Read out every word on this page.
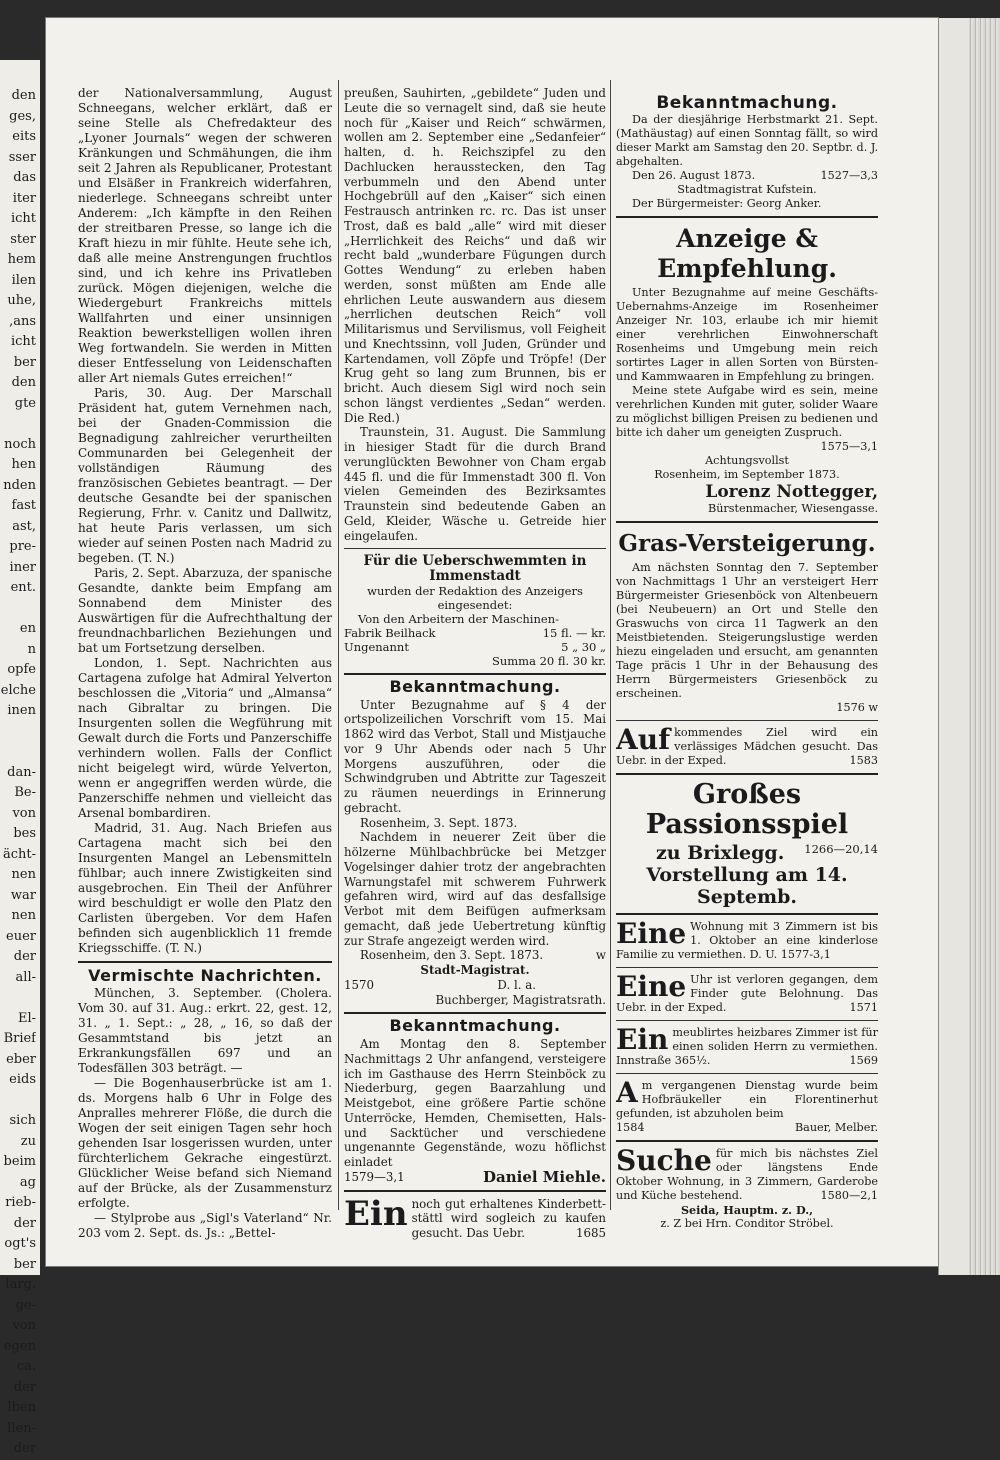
den
ges,
eits
sser
das
iter
icht
ster
hem
ilen
uhe,
,ans
icht
ber
den
gte
noch
hen
nden
fast
ast,
pre-
iner
ent.
en
n
opfe
elche
inen
dan-
Be-
von
bes
ächt-
nen
war
nen
euer
der
all-
El-
Brief
eber
eids
sich
zu
beim
ag
rieb-
der
ogt's
ber
larg.
ge-
von
egen
ca.
der
lben
llen-
der

der Nationalversammlung, August Schneegans, welcher erklärt, daß er seine Stelle als Chefredakteur des „Lyoner Journals“ wegen der schweren Kränkungen und Schmähungen, die ihm seit 2 Jahren als Republicaner, Protestant und Elsäßer in Frankreich widerfahren, niederlege. Schneegans schreibt unter Anderem: „Ich kämpfte in den Reihen der streitbaren Presse, so lange ich die Kraft hiezu in mir fühlte. Heute sehe ich, daß alle meine Anstrengungen fruchtlos sind, und ich kehre ins Privatleben zurück. Mögen diejenigen, welche die Wiedergeburt Frankreichs mittels Wallfahrten und einer unsinnigen Reaktion bewerkstelligen wollen ihren Weg fortwandeln. Sie werden in Mitten dieser Entfesselung von Leidenschaften aller Art niemals Gutes erreichen!“

Paris, 30. Aug. Der Marschall Präsident hat, gutem Vernehmen nach, bei der Gnaden-Commission die Begnadigung zahlreicher verurtheilten Communarden bei Gelegenheit der vollständigen Räumung des französischen Gebietes beantragt. — Der deutsche Gesandte bei der spanischen Regierung, Frhr. v. Canitz und Dallwitz, hat heute Paris verlassen, um sich wieder auf seinen Posten nach Madrid zu begeben. (T. N.)

Paris, 2. Sept. Abarzuza, der spanische Gesandte, dankte beim Empfang am Sonnabend dem Minister des Auswärtigen für die Aufrechthaltung der freundnachbarlichen Beziehungen und bat um Fortsetzung derselben.

London, 1. Sept. Nachrichten aus Cartagena zufolge hat Admiral Yelverton beschlossen die „Vitoria“ und „Almansa“ nach Gibraltar zu bringen. Die Insurgenten sollen die Wegführung mit Gewalt durch die Forts und Panzerschiffe verhindern wollen. Falls der Conflict nicht beigelegt wird, würde Yelverton, wenn er angegriffen werden würde, die Panzerschiffe nehmen und vielleicht das Arsenal bombardiren.

Madrid, 31. Aug. Nach Briefen aus Cartagena macht sich bei den Insurgenten Mangel an Lebensmitteln fühlbar; auch innere Zwistigkeiten sind ausgebrochen. Ein Theil der Anführer wird beschuldigt er wolle den Platz den Carlisten übergeben. Vor dem Hafen befinden sich augenblicklich 11 fremde Kriegsschiffe. (T. N.)

Vermischte Nachrichten.

München, 3. September. (Cholera. Vom 30. auf 31. Aug.: erkrt. 22, gest. 12, 31. „ 1. Sept.: „ 28, „ 16, so daß der Gesammtstand bis jetzt an Erkrankungsfällen 697 und an Todesfällen 303 beträgt. —

— Die Bogenhauserbrücke ist am 1. ds. Morgens halb 6 Uhr in Folge des Anpralles mehrerer Flöße, die durch die Wogen der seit einigen Tagen sehr hoch gehenden Isar losgerissen wurden, unter fürchterlichem Gekrache eingestürzt. Glücklicher Weise befand sich Niemand auf der Brücke, als der Zusammensturz erfolgte.

— Stylprobe aus „Sigl's Vaterland“ Nr. 203 vom 2. Sept. ds. Js.: „Bettel-

preußen, Sauhirten, „gebildete“ Juden und Leute die so vernagelt sind, daß sie heute noch für „Kaiser und Reich“ schwärmen, wollen am 2. September eine „Sedanfeier“ halten, d. h. Reichszipfel zu den Dachlucken herausstecken, den Tag verbummeln und den Abend unter Hochgebrüll auf den „Kaiser“ sich einen Festrausch antrinken rc. rc. Das ist unser Trost, daß es bald „alle“ wird mit dieser „Herrlichkeit des Reichs“ und daß wir recht bald „wunderbare Fügungen durch Gottes Wendung“ zu erleben haben werden, sonst müßten am Ende alle ehrlichen Leute auswandern aus diesem „herrlichen deutschen Reich“ voll Militarismus und Servilismus, voll Feigheit und Knechtssinn, voll Juden, Gründer und Kartendamen, voll Zöpfe und Tröpfe! (Der Krug geht so lang zum Brunnen, bis er bricht. Auch diesem Sigl wird noch sein schon längst verdientes „Sedan“ werden. Die Red.)

Traunstein, 31. August. Die Sammlung in hiesiger Stadt für die durch Brand verunglückten Bewohner von Cham ergab 445 fl. und die für Immenstadt 300 fl. Von vielen Gemeinden des Bezirksamtes Traunstein sind bedeutende Gaben an Geld, Kleider, Wäsche u. Getreide hier eingelaufen.

Für die Ueberschwemmten in Immenstadt
wurden der Redaktion des Anzeigers eingesendet:
Von den Arbeitern der Maschinen-
Fabrik Beilhack	15 fl. — kr.
Ungenannt	5 „ 30 „
Summa 20 fl. 30 kr.
Bekanntmachung.

Unter Bezugnahme auf § 4 der ortspolizeilichen Vorschrift vom 15. Mai 1862 wird das Verbot, Stall und Mistjauche vor 9 Uhr Abends oder nach 5 Uhr Morgens auszuführen, oder die Schwindgruben und Abtritte zur Tageszeit zu räumen neuerdings in Erinnerung gebracht.

Rosenheim, 3. Sept. 1873.

Nachdem in neuerer Zeit über die hölzerne Mühlbachbrücke bei Metzger Vogelsinger dahier trotz der angebrachten Warnungstafel mit schwerem Fuhrwerk gefahren wird, wird auf das desfallsige Verbot mit dem Beifügen aufmerksam gemacht, daß jede Uebertretung künftig zur Strafe angezeigt werden wird.

Rosenheim, den 3. Sept. 1873.	w
Stadt-Magistrat.
1570	D. l. a.
Buchberger, Magistratsrath.
Bekanntmachung.

Am Montag den 8. September Nachmittags 2 Uhr anfangend, versteigere ich im Gasthause des Herrn Steinböck zu Niederburg, gegen Baarzahlung und Meistgebot, eine größere Partie schöne Unterröcke, Hemden, Chemisetten, Hals- und Sacktücher und verschiedene ungenannte Gegenstände, wozu höflichst einladet

1579—3,1	Daniel Miehle.
Ein noch gut erhaltenes Kinderbett-stättl wird sogleich zu kaufen gesucht. Das Uebr.	1685
Bekanntmachung.

Da der diesjährige Herbstmarkt 21. Sept. (Mathäustag) auf einen Sonntag fällt, so wird dieser Markt am Samstag den 20. Septbr. d. J. abgehalten.

Den 26. August 1873.	1527—3,3
Stadtmagistrat Kufstein.
Der Bürgermeister: Georg Anker.
Anzeige & Empfehlung.

Unter Bezugnahme auf meine Geschäfts-Uebernahms-Anzeige im Rosenheimer Anzeiger Nr. 103, erlaube ich mir hiemit einer verehrlichen Einwohnerschaft Rosenheims und Umgebung mein reich sortirtes Lager in allen Sorten von Bürsten- und Kammwaaren in Empfehlung zu bringen.

Meine stete Aufgabe wird es sein, meine verehrlichen Kunden mit guter, solider Waare zu möglichst billigen Preisen zu bedienen und bitte ich daher um geneigten Zuspruch.

1575—3,1
Achtungsvollst
Rosenheim, im September 1873.
Lorenz Nottegger,
Bürstenmacher, Wiesengasse.
Gras-Versteigerung.

Am nächsten Sonntag den 7. September von Nachmittags 1 Uhr an versteigert Herr Bürgermeister Griesenböck von Altenbeuern (bei Neubeuern) an Ort und Stelle den Graswuchs von circa 11 Tagwerk an den Meistbietenden. Steigerungslustige werden hiezu eingeladen und ersucht, am genannten Tage präcis 1 Uhr in der Behausung des Herrn Bürgermeisters Griesenböck zu erscheinen.

1576 w
Auf kommendes Ziel wird ein verlässiges Mädchen gesucht. Das Uebr. in der Exped.	1583
Großes Passionsspiel
zu Brixlegg. 1266—20,14
Vorstellung am 14. Septemb.
Eine Wohnung mit 3 Zimmern ist bis 1. Oktober an eine kinderlose Familie zu vermiethen. D. U. 1577-3,1
Eine Uhr ist verloren gegangen, dem Finder gute Belohnung. Das Uebr. in der Exped.	1571
Ein meublirtes heizbares Zimmer ist für einen soliden Herrn zu vermiethen. Innstraße 365½.	1569
A m vergangenen Dienstag wurde beim Hofbräukeller ein Florentinerhut gefunden, ist abzuholen beim
1584	Bauer, Melber.
Suche für mich bis nächstes Ziel oder längstens Ende Oktober Wohnung, in 3 Zimmern, Garderobe und Küche bestehend.	1580—2,1
Seida, Hauptm. z. D.,
z. Z bei Hrn. Conditor Ströbel.
